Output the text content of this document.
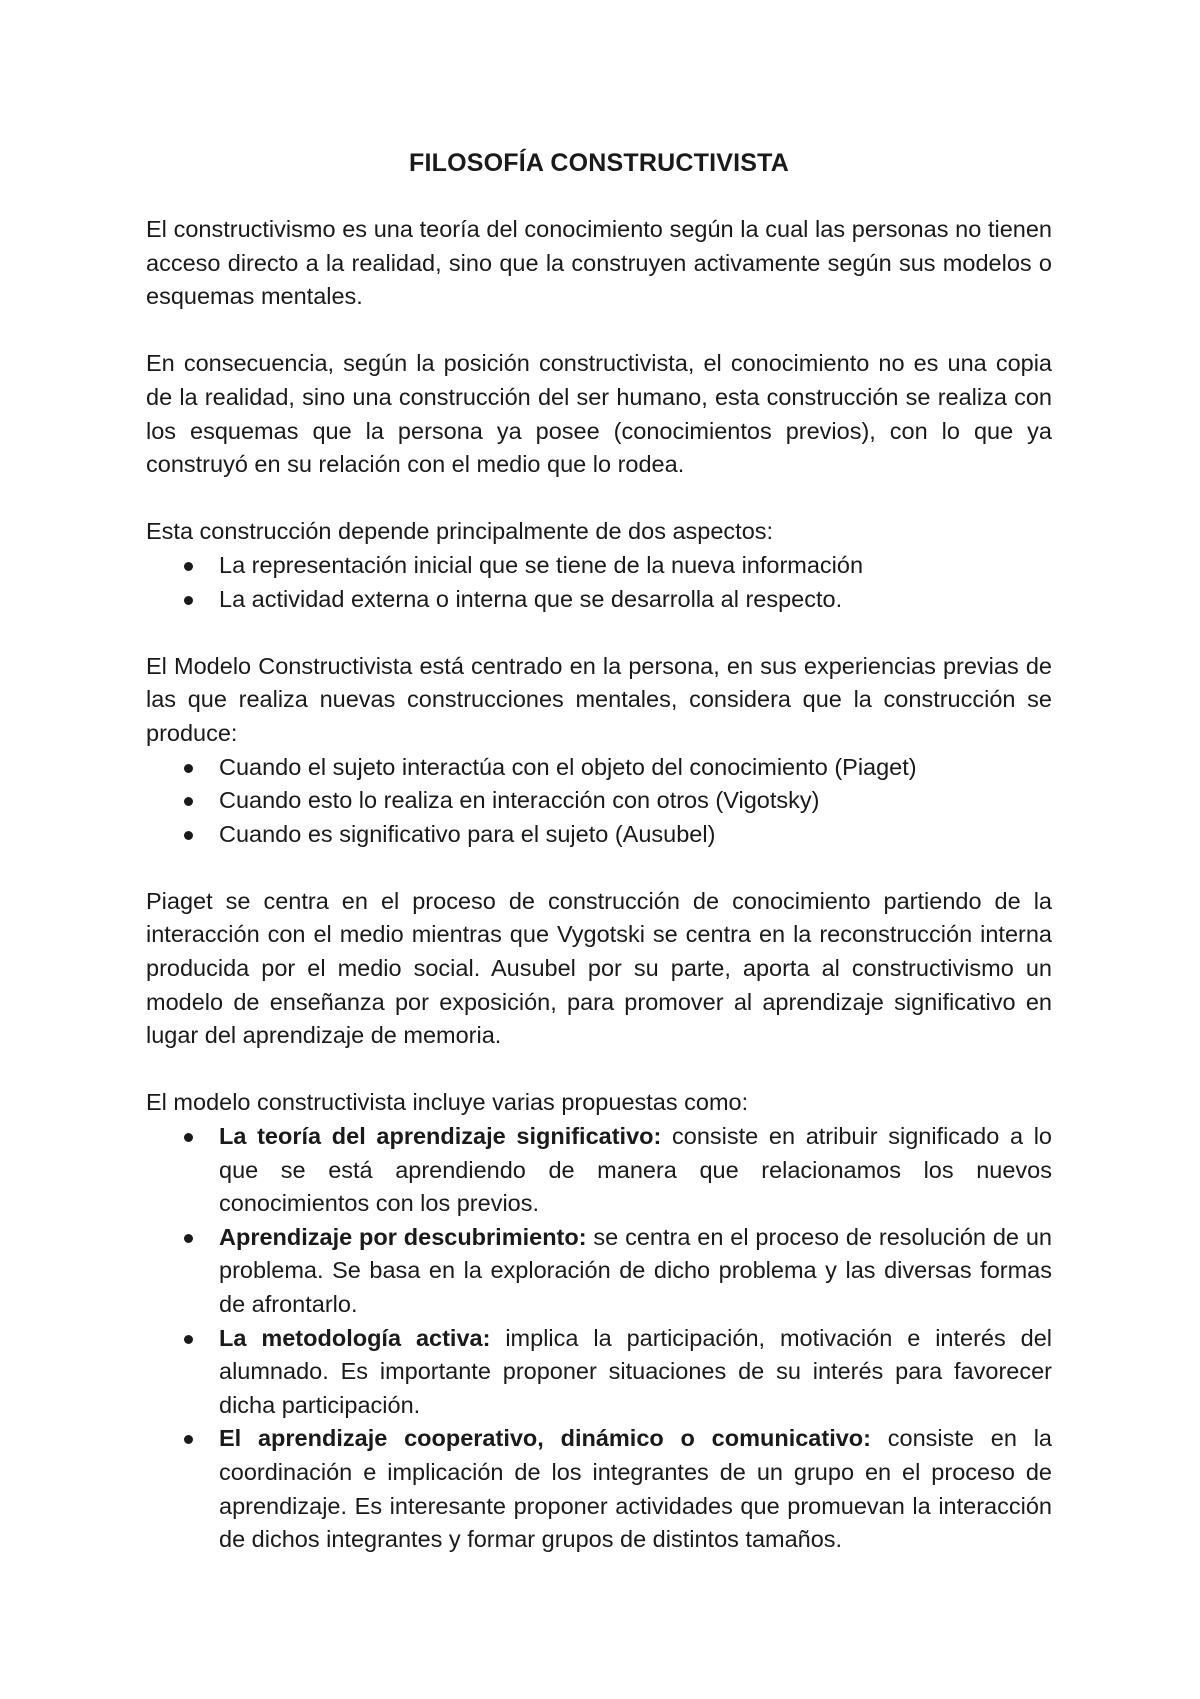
FILOSOFÍA CONSTRUCTIVISTA

El constructivismo es una teoría del conocimiento según la cual las personas no tienen acceso directo a la realidad, sino que la construyen activamente según sus modelos o esquemas mentales.

En consecuencia, según la posición constructivista, el conocimiento no es una copia de la realidad, sino una construcción del ser humano, esta construcción se realiza con los esquemas que la persona ya posee (conocimientos previos), con lo que ya construyó en su relación con el medio que lo rodea.

Esta construcción depende principalmente de dos aspectos:

La representación inicial que se tiene de la nueva información
La actividad externa o interna que se desarrolla al respecto.

El Modelo Constructivista está centrado en la persona, en sus experiencias previas de las que realiza nuevas construcciones mentales, considera que la construcción se produce:

Cuando el sujeto interactúa con el objeto del conocimiento (Piaget)
Cuando esto lo realiza en interacción con otros (Vigotsky)
Cuando es significativo para el sujeto (Ausubel)

Piaget se centra en el proceso de construcción de conocimiento partiendo de la interacción con el medio mientras que Vygotski se centra en la reconstrucción interna producida por el medio social. Ausubel por su parte, aporta al constructivismo un modelo de enseñanza por exposición, para promover al aprendizaje significativo en lugar del aprendizaje de memoria.

El modelo constructivista incluye varias propuestas como:

La teoría del aprendizaje significativo: consiste en atribuir significado a lo que se está aprendiendo de manera que relacionamos los nuevos conocimientos con los previos.
Aprendizaje por descubrimiento: se centra en el proceso de resolución de un problema. Se basa en la exploración de dicho problema y las diversas formas de afrontarlo.
La metodología activa: implica la participación, motivación e interés del alumnado. Es importante proponer situaciones de su interés para favorecer dicha participación.
El aprendizaje cooperativo, dinámico o comunicativo: consiste en la coordinación e implicación de los integrantes de un grupo en el proceso de aprendizaje. Es interesante proponer actividades que promuevan la interacción de dichos integrantes y formar grupos de distintos tamaños.
